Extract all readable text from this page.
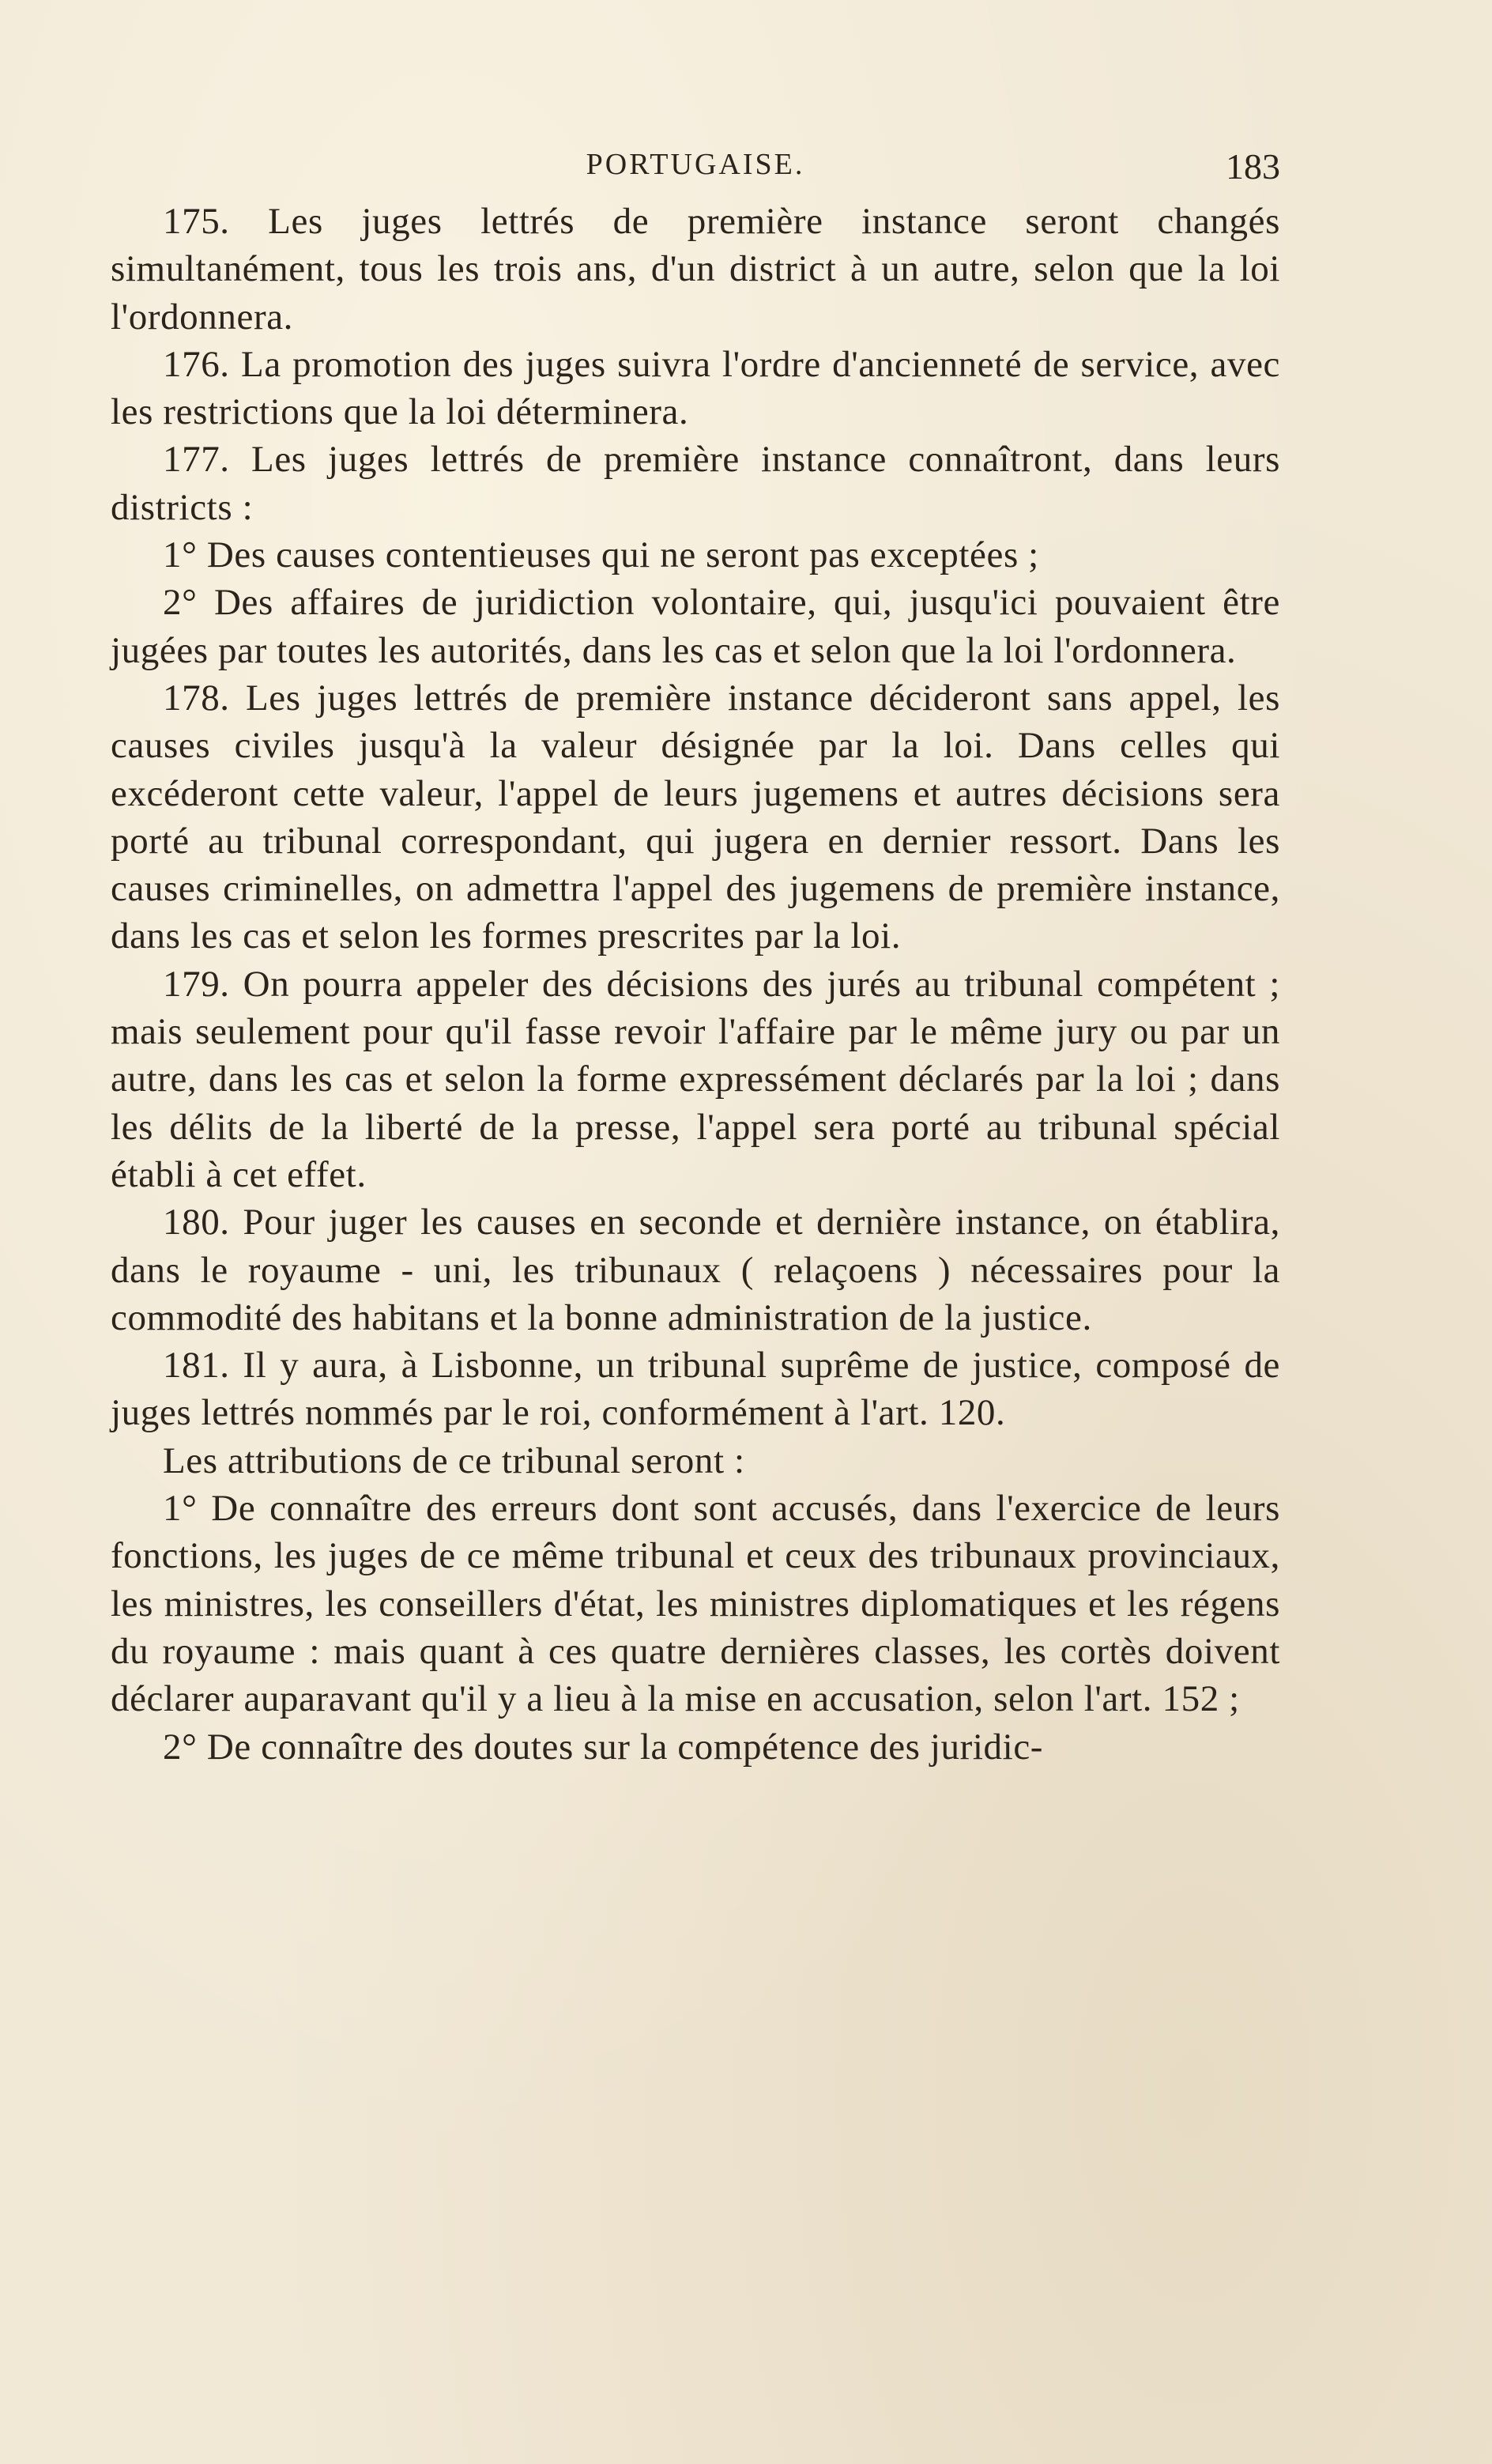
PORTUGAISE.	183

175. Les juges lettrés de première instance seront changés simultanément, tous les trois ans, d'un district à un autre, selon que la loi l'ordonnera.

176. La promotion des juges suivra l'ordre d'ancienneté de service, avec les restrictions que la loi déterminera.

177. Les juges lettrés de première instance connaîtront, dans leurs districts :

1° Des causes contentieuses qui ne seront pas exceptées ;

2° Des affaires de juridiction volontaire, qui, jusqu'ici pouvaient être jugées par toutes les autorités, dans les cas et selon que la loi l'ordonnera.

178. Les juges lettrés de première instance décideront sans appel, les causes civiles jusqu'à la valeur désignée par la loi. Dans celles qui excéderont cette valeur, l'appel de leurs jugemens et autres décisions sera porté au tribunal correspondant, qui jugera en dernier ressort. Dans les causes criminelles, on admettra l'appel des jugemens de première instance, dans les cas et selon les formes prescrites par la loi.

179. On pourra appeler des décisions des jurés au tribunal compétent ; mais seulement pour qu'il fasse revoir l'affaire par le même jury ou par un autre, dans les cas et selon la forme expressément déclarés par la loi ; dans les délits de la liberté de la presse, l'appel sera porté au tribunal spécial établi à cet effet.

180. Pour juger les causes en seconde et dernière instance, on établira, dans le royaume - uni, les tribunaux ( relaçoens ) nécessaires pour la commodité des habitans et la bonne administration de la justice.

181. Il y aura, à Lisbonne, un tribunal suprême de justice, composé de juges lettrés nommés par le roi, conformément à l'art. 120.

Les attributions de ce tribunal seront :

1° De connaître des erreurs dont sont accusés, dans l'exercice de leurs fonctions, les juges de ce même tribunal et ceux des tribunaux provinciaux, les ministres, les conseillers d'état, les ministres diplomatiques et les régens du royaume : mais quant à ces quatre dernières classes, les cortès doivent déclarer auparavant qu'il y a lieu à la mise en accusation, selon l'art. 152 ;

2° De connaître des doutes sur la compétence des juridic-
